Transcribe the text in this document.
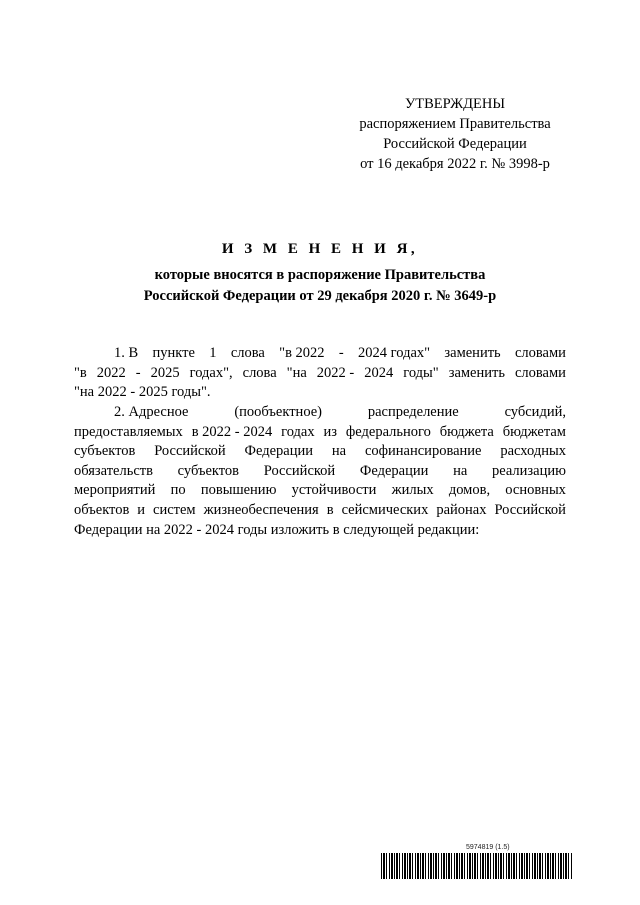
УТВЕРЖДЕНЫ
распоряжением Правительства
Российской Федерации
от 16 декабря 2022 г. № 3998-р
И З М Е Н Е Н И Я,
которые вносятся в распоряжение Правительства
Российской Федерации от 29 декабря 2020 г. № 3649-р
1. В пункте 1 слова "в 2022 - 2024 годах" заменить словами
"в 2022 - 2025 годах", слова "на 2022 - 2024 годы" заменить словами
"на 2022 - 2025 годы".
2. Адресное	(пообъектное)	распределение	субсидий,
предоставляемых в 2022 - 2024 годах из федерального бюджета бюджетам
субъектов Российской Федерации на софинансирование расходных
обязательств субъектов Российской Федерации на реализацию
мероприятий по повышению устойчивости жилых домов, основных
объектов и систем жизнеобеспечения в сейсмических районах Российской
Федерации на 2022 - 2024 годы изложить в следующей редакции:
5974819 (1.5)
